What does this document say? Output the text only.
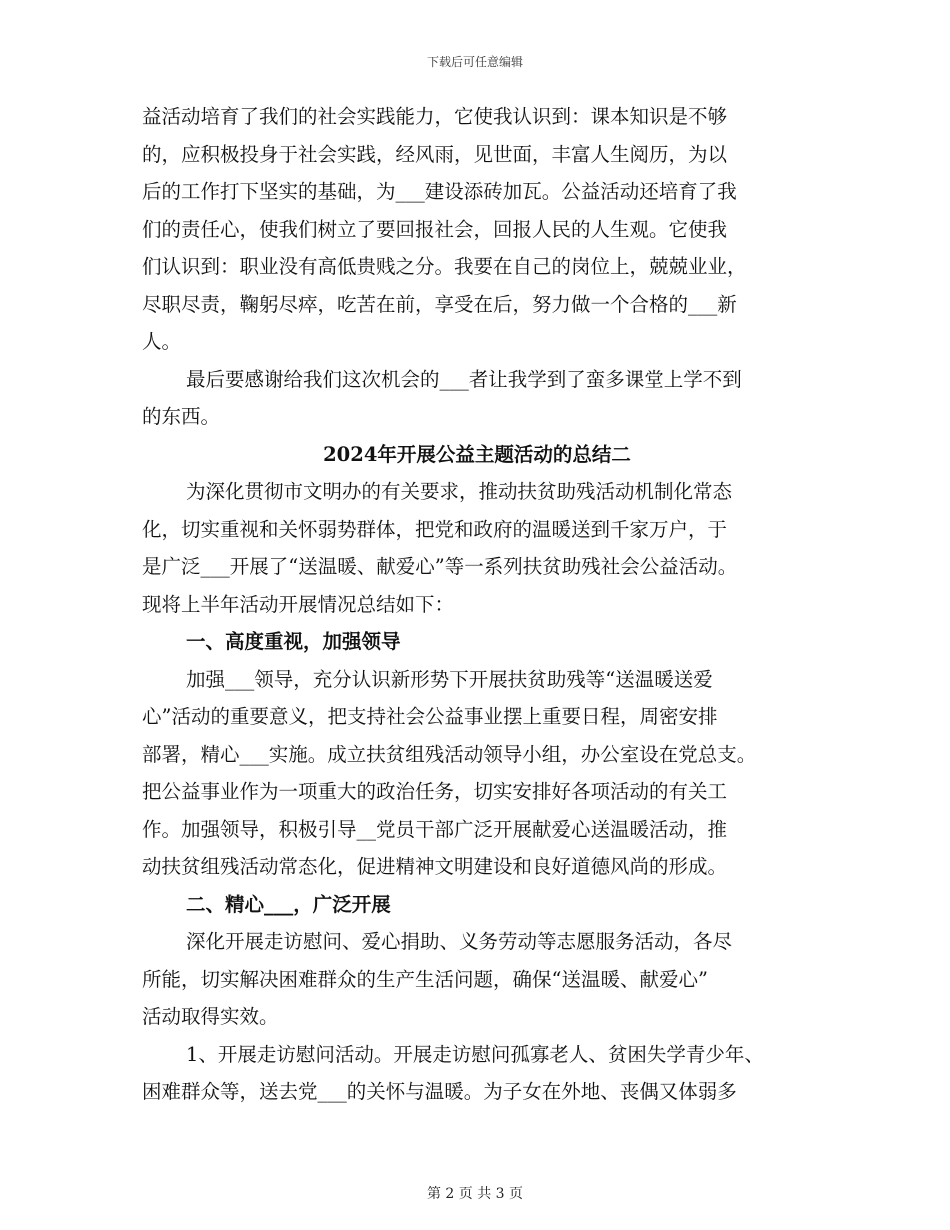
下载后可任意编辑
益活动培育了我们的社会实践能力，它使我认识到：课本知识是不够
的，应积极投身于社会实践，经风雨，见世面，丰富人生阅历，为以
后的工作打下坚实的基础，为___建设添砖加瓦。公益活动还培育了我
们的责任心，使我们树立了要回报社会，回报人民的人生观。它使我
们认识到：职业没有高低贵贱之分。我要在自己的岗位上，兢兢业业，
尽职尽责，鞠躬尽瘁，吃苦在前，享受在后，努力做一个合格的___新
人。
最后要感谢给我们这次机会的___者让我学到了蛮多课堂上学不到
的东西。
2024年开展公益主题活动的总结二
为深化贯彻市文明办的有关要求，推动扶贫助残活动机制化常态
化，切实重视和关怀弱势群体，把党和政府的温暖送到千家万户，于
是广泛___开展了“送温暖、献爱心”等一系列扶贫助残社会公益活动。
现将上半年活动开展情况总结如下：
一、高度重视，加强领导
加强___领导，充分认识新形势下开展扶贫助残等“送温暖送爱
心”活动的重要意义，把支持社会公益事业摆上重要日程，周密安排
部署，精心___实施。成立扶贫组残活动领导小组，办公室设在党总支。
把公益事业作为一项重大的政治任务，切实安排好各项活动的有关工
作。加强领导，积极引导__党员干部广泛开展献爱心送温暖活动，推
动扶贫组残活动常态化，促进精神文明建设和良好道德风尚的形成。
二、精心___，广泛开展
深化开展走访慰问、爱心捐助、义务劳动等志愿服务活动，各尽
所能，切实解决困难群众的生产生活问题，确保“送温暖、献爱心”
活动取得实效。
1、开展走访慰问活动。开展走访慰问孤寡老人、贫困失学青少年、
困难群众等，送去党___的关怀与温暖。为子女在外地、丧偶又体弱多
第 2 页 共 3 页
